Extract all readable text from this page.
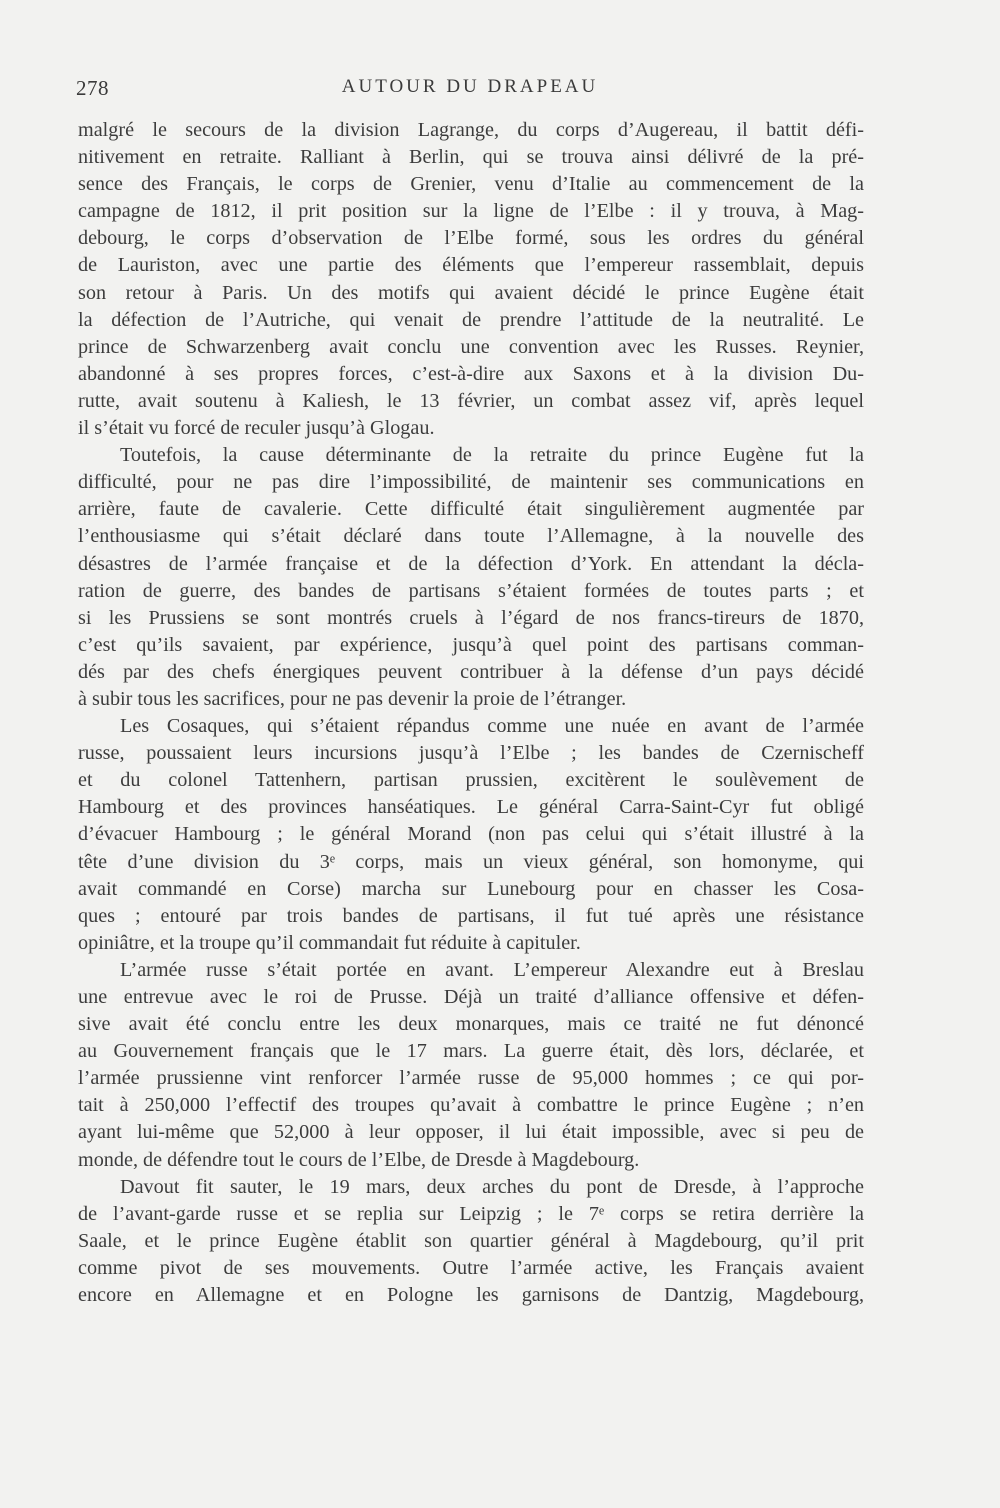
278	AUTOUR DU DRAPEAU

malgré le secours de la division Lagrange, du corps d’Augereau, il battit défi-
nitivement en retraite. Ralliant à Berlin, qui se trouva ainsi délivré de la pré-
sence des Français, le corps de Grenier, venu d’Italie au commencement de la
campagne de 1812, il prit position sur la ligne de l’Elbe : il y trouva, à Mag-
debourg, le corps d’observation de l’Elbe formé, sous les ordres du général
de Lauriston, avec une partie des éléments que l’empereur rassemblait, depuis
son retour à Paris. Un des motifs qui avaient décidé le prince Eugène était
la défection de l’Autriche, qui venait de prendre l’attitude de la neutralité. Le
prince de Schwarzenberg avait conclu une convention avec les Russes. Reynier,
abandonné à ses propres forces, c’est-à-dire aux Saxons et à la division Du-
rutte, avait soutenu à Kaliesh, le 13 février, un combat assez vif, après lequel
il s’était vu forcé de reculer jusqu’à Glogau.

Toutefois, la cause déterminante de la retraite du prince Eugène fut la
difficulté, pour ne pas dire l’impossibilité, de maintenir ses communications en
arrière, faute de cavalerie. Cette difficulté était singulièrement augmentée par
l’enthousiasme qui s’était déclaré dans toute l’Allemagne, à la nouvelle des
désastres de l’armée française et de la défection d’York. En attendant la décla-
ration de guerre, des bandes de partisans s’étaient formées de toutes parts ; et
si les Prussiens se sont montrés cruels à l’égard de nos francs-tireurs de 1870,
c’est qu’ils savaient, par expérience, jusqu’à quel point des partisans comman-
dés par des chefs énergiques peuvent contribuer à la défense d’un pays décidé
à subir tous les sacrifices, pour ne pas devenir la proie de l’étranger.

Les Cosaques, qui s’étaient répandus comme une nuée en avant de l’armée
russe, poussaient leurs incursions jusqu’à l’Elbe ; les bandes de Czernischeff
et du colonel Tattenhern, partisan prussien, excitèrent le soulèvement de
Hambourg et des provinces hanséatiques. Le général Carra-Saint-Cyr fut obligé
d’évacuer Hambourg ; le général Morand (non pas celui qui s’était illustré à la
tête d’une division du 3ᵉ corps, mais un vieux général, son homonyme, qui
avait commandé en Corse) marcha sur Lunebourg pour en chasser les Cosa-
ques ; entouré par trois bandes de partisans, il fut tué après une résistance
opiniâtre, et la troupe qu’il commandait fut réduite à capituler.

L’armée russe s’était portée en avant. L’empereur Alexandre eut à Breslau
une entrevue avec le roi de Prusse. Déjà un traité d’alliance offensive et défen-
sive avait été conclu entre les deux monarques, mais ce traité ne fut dénoncé
au Gouvernement français que le 17 mars. La guerre était, dès lors, déclarée, et
l’armée prussienne vint renforcer l’armée russe de 95,000 hommes ; ce qui por-
tait à 250,000 l’effectif des troupes qu’avait à combattre le prince Eugène ; n’en
ayant lui-même que 52,000 à leur opposer, il lui était impossible, avec si peu de
monde, de défendre tout le cours de l’Elbe, de Dresde à Magdebourg.

Davout fit sauter, le 19 mars, deux arches du pont de Dresde, à l’approche
de l’avant-garde russe et se replia sur Leipzig ; le 7ᵉ corps se retira derrière la
Saale, et le prince Eugène établit son quartier général à Magdebourg, qu’il prit
comme pivot de ses mouvements. Outre l’armée active, les Français avaient
encore en Allemagne et en Pologne les garnisons de Dantzig, Magdebourg,
